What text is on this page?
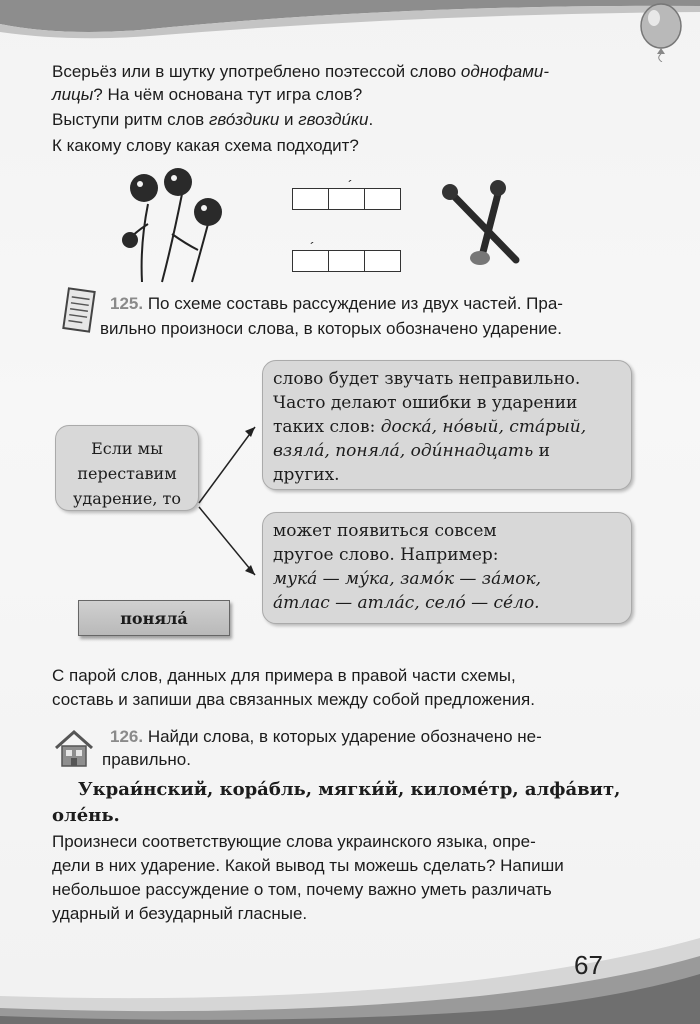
Всерьёз или в шутку употреблено поэтессой слово однофами-
лицы? На чём основана тут игра слов?
Выступи ритм слов гво́здики и гвозди́ки.
К какому слову какая схема подходит?
´
´
125. По схеме составь рассуждение из двух частей. Пра-
вильно произноси слова, в которых обозначено ударение.
Если мы
переставим
ударение, то
слово будет звучать неправильно.
Часто делают ошибки в ударении
таких слов: доска́, но́вый, ста́рый,
взяла́, поняла́, оди́ннадцать и
других.
может появиться совсем
другое слово. Например:
мука́ — му́ка, замо́к — за́мок,
а́тлас — атла́с, село́ — се́ло.
поняла́
С парой слов, данных для примера в правой части схемы,
составь и запиши два связанных между собой предложения.
126. Найди слова, в которых ударение обозначено не-
правильно.
Украи́нский, кора́бль, мягки́й, киломе́тр, алфа́вит,
оле́нь.
Произнеси соответствующие слова украинского языка, опре-
дели в них ударение. Какой вывод ты можешь сделать? Напиши
небольшое рассуждение о том, почему важно уметь различать
ударный и безударный гласные.
67
